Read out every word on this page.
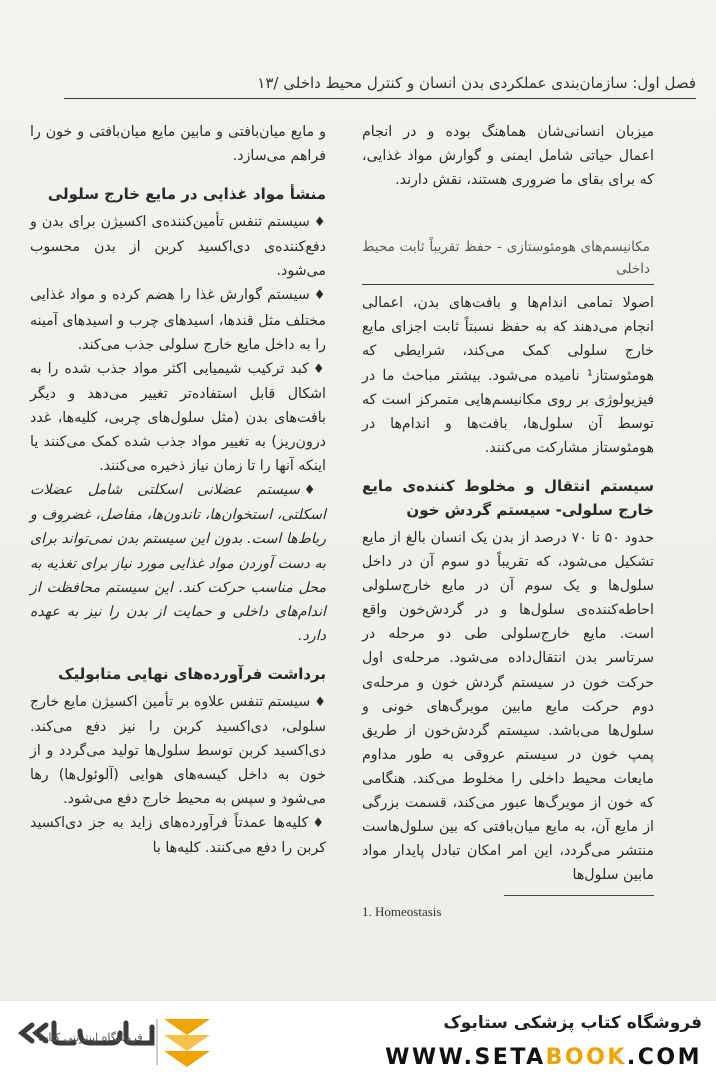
فصل اول: سازمان‌بندی عملکردی بدن انسان و کنترل محیط داخلی /۱۳

میزبان انسانی‌شان هماهنگ بوده و در انجام اعمال حیاتی شامل ایمنی و گوارش مواد غذایی، که برای بقای ما ضروری هستند، نقش دارند.

مکانیسم‌های هومئوستازی - حفظ تقریباً ثابت محیط داخلی

اصولا تمامی اندام‌ها و بافت‌های بدن، اعمالی انجام می‌دهند که به حفظ نسبتاً ثابت اجزای مایع خارج سلولی کمک می‌کند، شرایطی که هومئوستاز¹ نامیده می‌شود. بیشتر مباحث ما در فیزیولوژی بر روی مکانیسم‌هایی متمرکز است که توسط آن سلول‌ها، بافت‌ها و اندام‌ها در هومئوستاز مشارکت می‌کنند.

سیستم انتقال و مخلوط کننده‌ی مایع خارج سلولی- سیستم گردش خون

حدود ۵۰ تا ۷۰ درصد از بدن یک انسان بالغ از مایع تشکیل می‌شود، که تقریباً دو سوم آن در داخل سلول‌ها و یک سوم آن در مایع خارج‌سلولی احاطه‌کننده‌ی سلول‌ها و در گردش‌خون واقع است. مایع خارج‌سلولی طی دو مرحله در سرتاسر بدن انتقال‌داده می‌شود. مرحله‌ی اول حرکت خون در سیستم گردش خون و مرحله‌ی دوم حرکت مایع مابین مویرگ‌های خونی و سلول‌ها می‌باشد. سیستم گردش‌خون از طریق پمپ خون در سیستم عروقی به طور مداوم مایعات محیط داخلی را مخلوط می‌کند. هنگامی که خون از مویرگ‌ها عبور می‌کند، قسمت بزرگی از مایع آن، به مایع میان‌بافتی که بین سلول‌هاست منتشر می‌گردد، این امر امکان تبادل پایدار مواد مابین سلول‌ها

1. Homeostasis

و مایع میان‌بافتی و مابین مایع میان‌بافتی و خون را فراهم می‌سازد.

منشأ مواد غذایی در مایع خارج سلولی

♦سیستم تنفس تأمین‌کننده‌ی اکسیژن برای بدن و دفع‌کننده‌ی دی‌اکسید کربن از بدن محسوب می‌شود.

♦سیستم گوارش غذا را هضم کرده و مواد غذایی مختلف مثل قندها، اسیدهای چرب و اسیدهای آمینه را به داخل مایع خارج سلولی جذب می‌کند.

♦کبد ترکیب شیمیایی اکثر مواد جذب شده را به اشکال قابل استفاده‌تر تغییر می‌دهد و دیگر بافت‌های بدن (مثل سلول‌های چربی، کلیه‌ها، غدد درون‌ریز) به تغییر مواد جذب شده کمک می‌کنند یا اینکه آنها را تا زمان نیاز ذخیره می‌کنند.

♦سیستم عضلانی اسکلتی شامل عضلات اسکلتی، استخوان‌ها، تاندون‌ها، مفاصل، غضروف و رباط‌ها است. بدون این سیستم بدن نمی‌تواند برای به دست آوردن مواد غذایی مورد نیاز برای تغذیه به محل مناسب حرکت کند. این سیستم محافظت از اندام‌های داخلی و حمایت از بدن را نیز به عهده دارد.

برداشت فرآورده‌های نهایی متابولیک

♦سیستم تنفس علاوه بر تأمین اکسیژن مایع خارج سلولی، دی‌اکسید کربن را نیز دفع می‌کند. دی‌اکسید کربن توسط سلول‌ها تولید می‌گردد و از خون به داخل کیسه‌های هوایی (آلوئول‌ها) رها می‌شود و سپس به محیط خارج دفع می‌شود.

♦کلیه‌ها عمدتاً فرآورده‌های زاید به جز دی‌اکسید کربن را دفع می‌کنند. کلیه‌ها با

فروشگاه اینترنتی کتاب
فروشگاه کتاب پزشکی ستابوک
WWW.SETABOOK.COM
